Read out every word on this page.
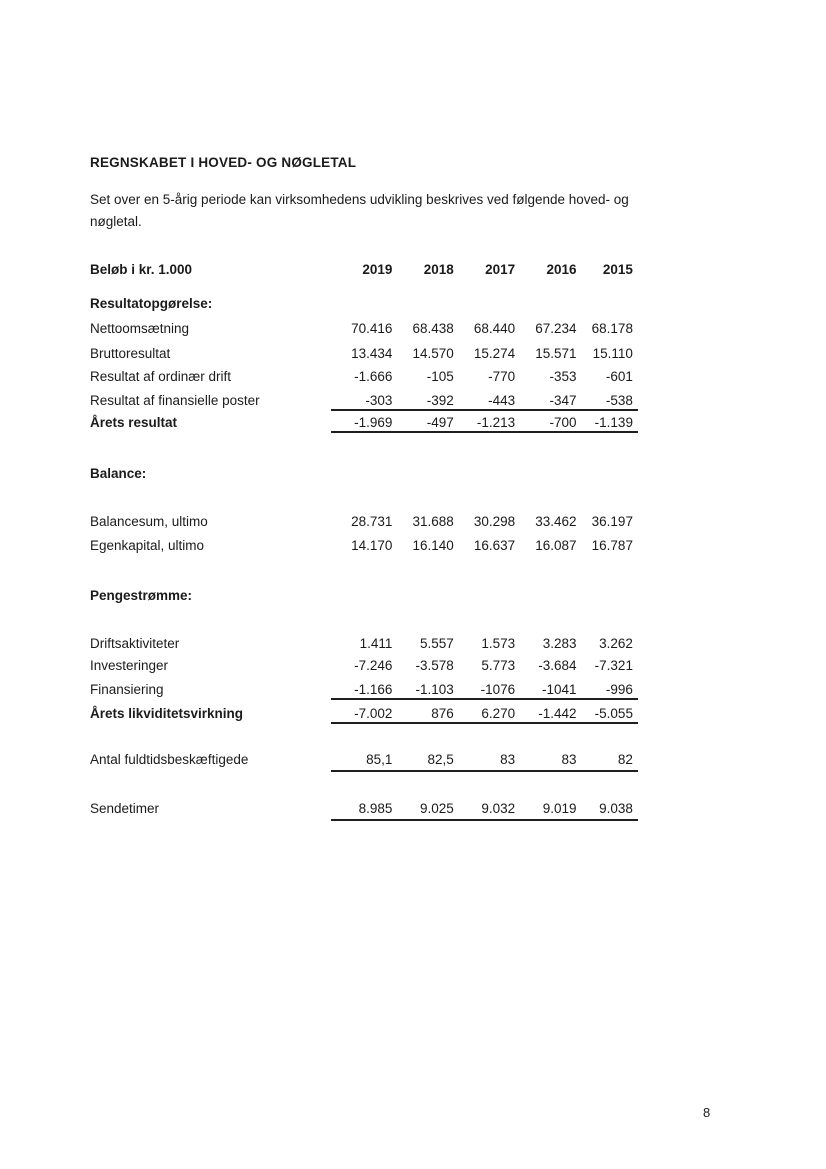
REGNSKABET I HOVED- OG NØGLETAL
Set over en 5-årig periode kan virksomhedens udvikling beskrives ved følgende hoved- og
nøgletal.
Beløb i kr. 1.000	2019	2018	2017	2016	2015
Resultatopgørelse:
Nettoomsætning	70.416	68.438	68.440	67.234	68.178
Bruttoresultat	13.434	14.570	15.274	15.571	15.110
Resultat af ordinær drift	-1.666	-105	-770	-353	-601
Resultat af finansielle poster	-303	-392	-443	-347	-538
Årets resultat	-1.969	-497	-1.213	-700	-1.139
Balance:
Balancesum, ultimo	28.731	31.688	30.298	33.462	36.197
Egenkapital, ultimo	14.170	16.140	16.637	16.087	16.787
Pengestrømme:
Driftsaktiviteter	1.411	5.557	1.573	3.283	3.262
Investeringer	-7.246	-3.578	5.773	-3.684	-7.321
Finansiering	-1.166	-1.103	-1076	-1041	-996
Årets likviditetsvirkning	-7.002	876	6.270	-1.442	-5.055
Antal fuldtidsbeskæftigede	85,1	82,5	83	83	82
Sendetimer	8.985	9.025	9.032	9.019	9.038
8
